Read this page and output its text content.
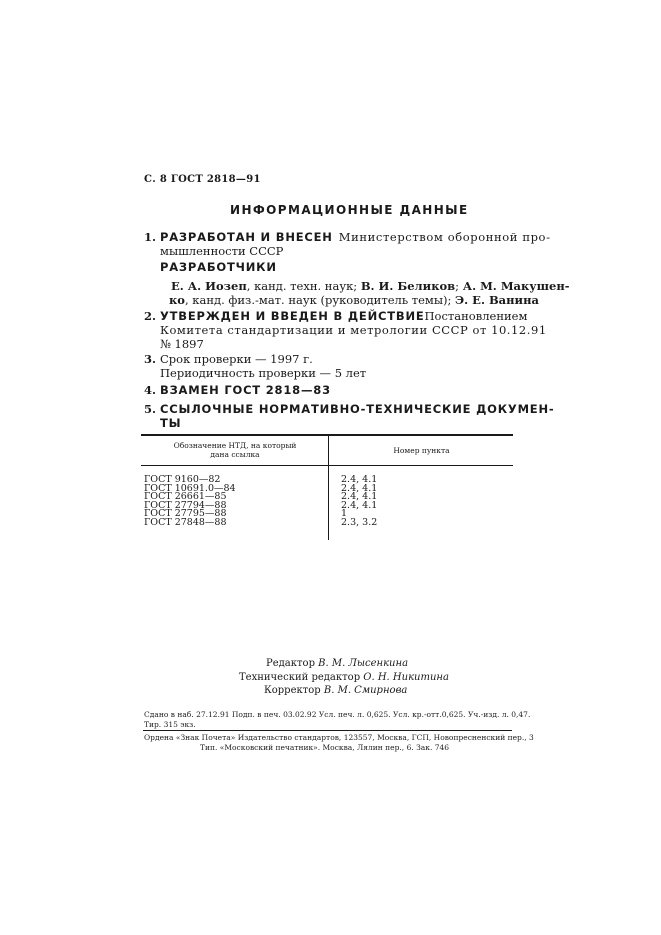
С. 8 ГОСТ 2818—91
ИНФОРМАЦИОННЫЕ ДАННЫЕ
1. РАЗРАБОТАН И ВНЕСЕН Министерством оборонной про-
мышленности СССР
РАЗРАБОТЧИКИ
Е. А. Иозеп, канд. техн. наук; В. И. Беликов; А. М. Макушен-
ко, канд. физ.-мат. наук (руководитель темы); Э. Е. Ванина
2. УТВЕРЖДЕН И ВВЕДЕН В ДЕЙСТВИЕ Постановлением
Комитета стандартизации и метрологии СССР от 10.12.91
№ 1897
3. Срок проверки — 1997 г.
Периодичность проверки — 5 лет
4. ВЗАМЕН ГОСТ 2818—83
5. ССЫЛОЧНЫЕ НОРМАТИВНО-ТЕХНИЧЕСКИЕ ДОКУМЕН-
ТЫ
Обозначение НТД, на который
дана ссылка	Номер пункта
ГОСТ 9160—82
ГОСТ 10691.0—84
ГОСТ 26661—85
ГОСТ 27794—88
ГОСТ 27795—88
ГОСТ 27848—88
2.4, 4.1
2.4, 4.1
2.4, 4.1
2.4, 4.1
1
2.3, 3.2
Редактор В. М. Лысенкина
Технический редактор О. Н. Никитина
Корректор В. М. Смирнова
Сдано в наб. 27.12.91 Подп. в печ. 03.02.92 Усл. печ. л. 0,625. Усл. кр.-отт.0,625. Уч.-изд. л. 0,47.
Тир. 315 экз.
Ордена «Знак Почета» Издательство стандартов, 123557, Москва, ГСП, Новопресненский пер., 3
Тип. «Московский печатник». Москва, Лялин пер., 6. Зак. 746
